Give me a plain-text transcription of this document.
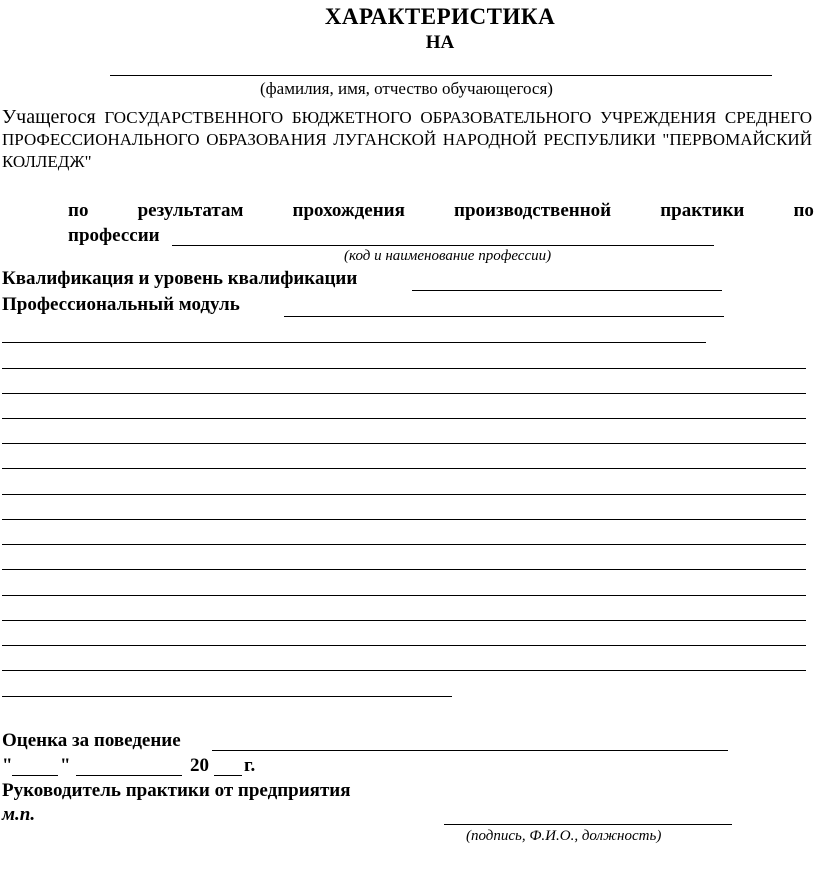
ХАРАКТЕРИСТИКА
НА
(фамилия, имя, отчество обучающегося)
Учащегося ГОСУДАРСТВЕННОГО БЮДЖЕТНОГО ОБРАЗОВАТЕЛЬНОГО УЧРЕЖДЕНИЯ СРЕДНЕГО ПРОФЕССИОНАЛЬНОГО ОБРАЗОВАНИЯ ЛУГАНСКОЙ НАРОДНОЙ РЕСПУБЛИКИ "ПЕРВОМАЙСКИЙ КОЛЛЕДЖ"
по	результатам	прохождения	производственной	практики	по
профессии
(код и наименование профессии)
Квалификация и уровень квалификации
Профессиональный модуль
Оценка за поведение
" "	20 г.
Руководитель практики от предприятия
м.п.
(подпись, Ф.И.О., должность)
